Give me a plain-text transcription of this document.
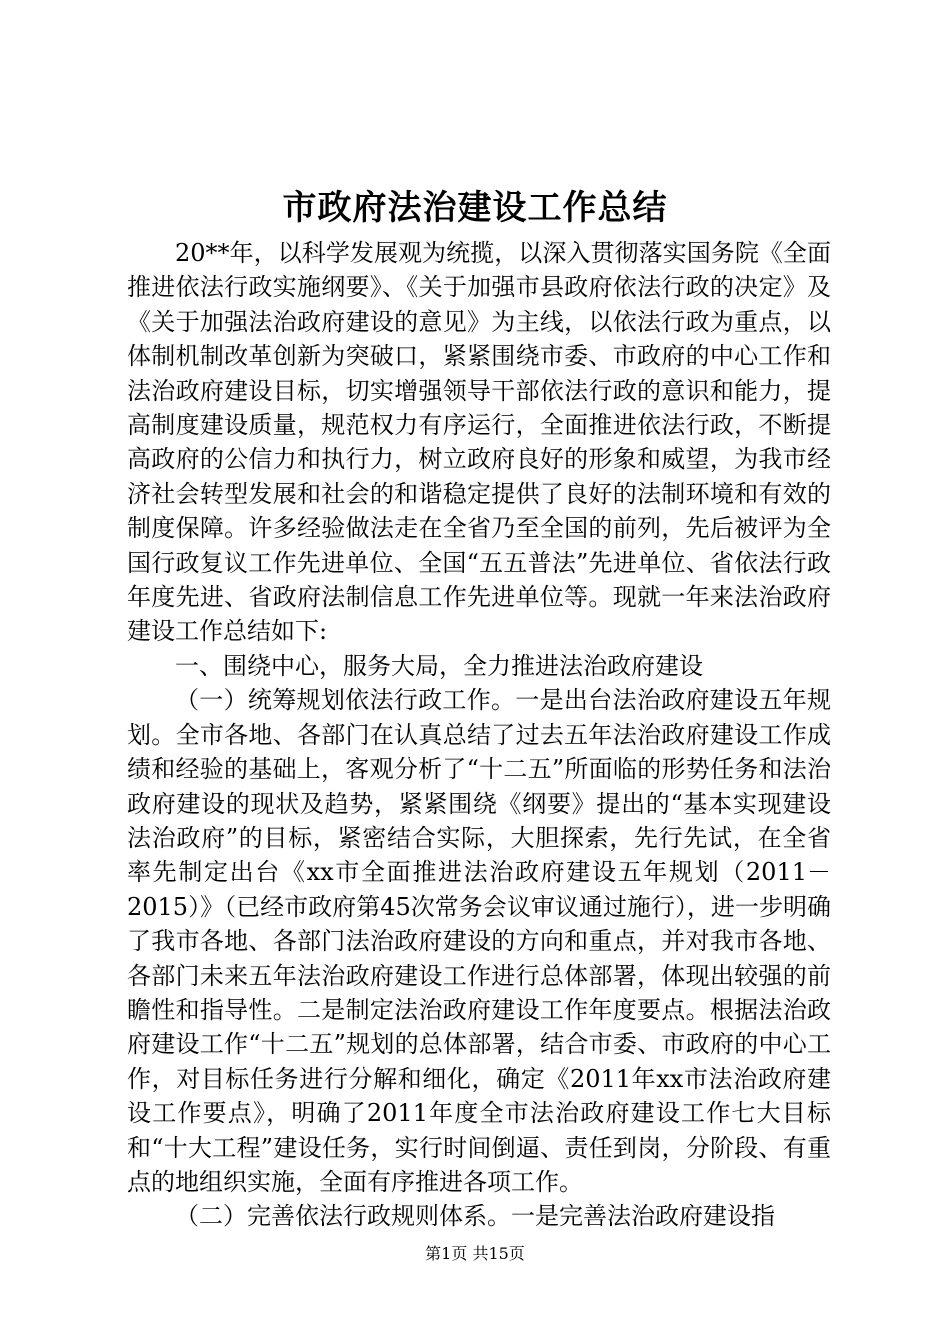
市政府法治建设工作总结

20**年，以科学发展观为统揽，以深入贯彻落实国务院《全面推进依法行政实施纲要》、《关于加强市县政府依法行政的决定》及《关于加强法治政府建设的意见》为主线，以依法行政为重点，以体制机制改革创新为突破口，紧紧围绕市委、市政府的中心工作和法治政府建设目标，切实增强领导干部依法行政的意识和能力，提高制度建设质量，规范权力有序运行，全面推进依法行政，不断提高政府的公信力和执行力，树立政府良好的形象和威望，为我市经济社会转型发展和社会的和谐稳定提供了良好的法制环境和有效的制度保障。许多经验做法走在全省乃至全国的前列，先后被评为全国行政复议工作先进单位、全国“五五普法”先进单位、省依法行政年度先进、省政府法制信息工作先进单位等。现就一年来法治政府建设工作总结如下:

一、围绕中心，服务大局，全力推进法治政府建设

（一）统筹规划依法行政工作。一是出台法治政府建设五年规划。全市各地、各部门在认真总结了过去五年法治政府建设工作成绩和经验的基础上，客观分析了“十二五”所面临的形势任务和法治政府建设的现状及趋势，紧紧围绕《纲要》提出的“基本实现建设法治政府”的目标，紧密结合实际，大胆探索，先行先试，在全省率先制定出台《xx市全面推进法治政府建设五年规划（2011－2015）》（已经市政府第45次常务会议审议通过施行），进一步明确了我市各地、各部门法治政府建设的方向和重点，并对我市各地、各部门未来五年法治政府建设工作进行总体部署，体现出较强的前瞻性和指导性。二是制定法治政府建设工作年度要点。根据法治政府建设工作“十二五”规划的总体部署，结合市委、市政府的中心工作，对目标任务进行分解和细化，确定《2011年xx市法治政府建设工作要点》，明确了2011年度全市法治政府建设工作七大目标和“十大工程”建设任务，实行时间倒逼、责任到岗，分阶段、有重点的地组织实施，全面有序推进各项工作。

（二）完善依法行政规则体系。一是完善法治政府建设指

第1页 共15页
